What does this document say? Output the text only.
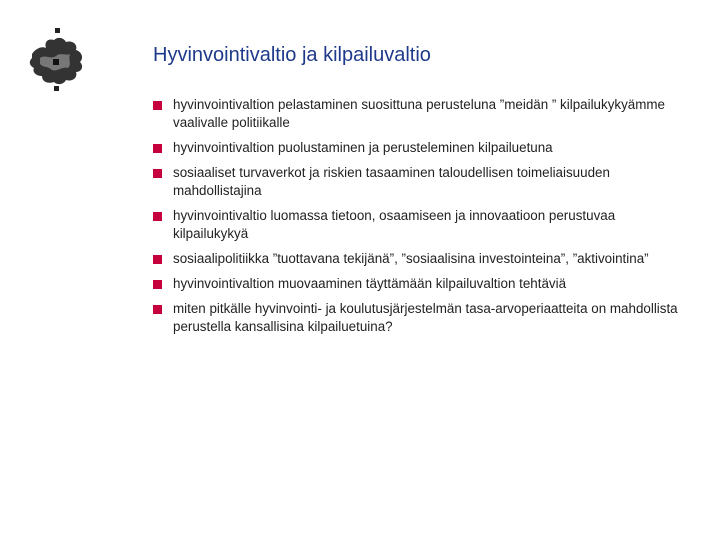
Hyvinvointivaltio ja kilpailuvaltio
hyvinvointivaltion pelastaminen suosittuna perusteluna ”meidän ” kilpailukykyämme vaalivalle politiikalle
hyvinvointivaltion puolustaminen ja perusteleminen kilpailuetuna
sosiaaliset turvaverkot ja riskien tasaaminen taloudellisen toimeliaisuuden mahdollistajina
hyvinvointivaltio luomassa tietoon, osaamiseen ja innovaatioon perustuvaa kilpailukykyä
sosiaalipolitiikka ”tuottavana tekijänä”, ”sosiaalisina investointeina”, ”aktivointina”
hyvinvointivaltion muovaaminen täyttämään kilpailuvaltion tehtäviä
miten pitkälle hyvinvointi- ja koulutusjärjestelmän tasa-arvoperiaatteita on mahdollista perustella kansallisina kilpailuetuina?
